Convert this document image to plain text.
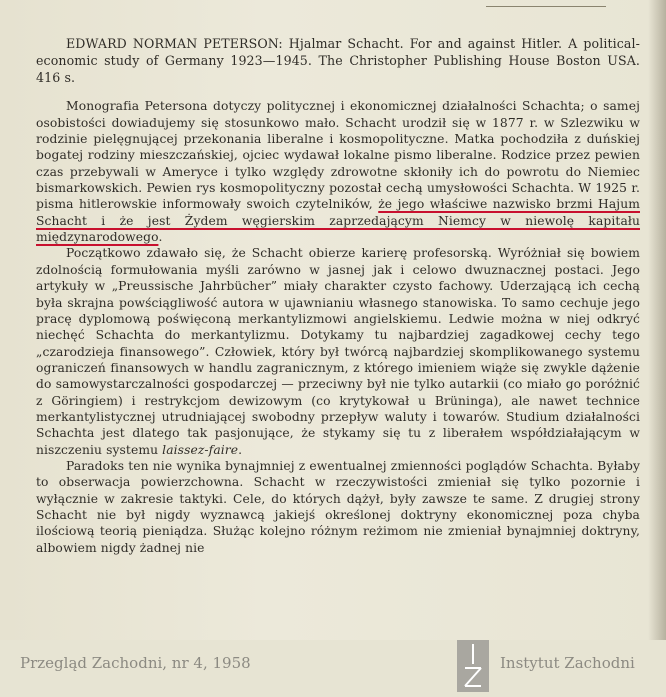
EDWARD NORMAN PETERSON: Hjalmar Schacht. For and against Hitler. A political-economic study of Germany 1923—1945. The Christopher Publishing House Boston USA. 416 s.

Monografia Petersona dotyczy politycznej i ekonomicznej działalności Schachta; o samej osobistości dowiadujemy się stosunkowo mało. Schacht urodził się w 1877 r. w Szlezwiku w rodzinie pielęgnującej przekonania liberalne i kosmopolityczne. Matka pochodziła z duńskiej bogatej rodziny mieszczańskiej, ojciec wydawał lokalne pismo liberalne. Rodzice przez pewien czas przebywali w Ameryce i tylko względy zdrowotne skłoniły ich do powrotu do Niemiec bismarkowskich. Pewien rys kosmopolityczny pozostał cechą umysłowości Schachta. W 1925 r. pisma hitlerowskie informowały swoich czytelników, że jego właściwe nazwisko brzmi Hajum Schacht i że jest Żydem węgierskim zaprzedającym Niemcy w niewolę kapitału międzynarodowego.

Początkowo zdawało się, że Schacht obierze karierę profesorską. Wyróżniał się bowiem zdolnością formułowania myśli zarówno w jasnej jak i celowo dwuznacznej postaci. Jego artykuły w „Preussische Jahrbücher” miały charakter czysto fachowy. Uderzającą ich cechą była skrajna powściągliwość autora w ujawnianiu własnego stanowiska. To samo cechuje jego pracę dyplomową poświęconą merkantylizmowi angielskiemu. Ledwie można w niej odkryć niechęć Schachta do merkantylizmu. Dotykamy tu najbardziej zagadkowej cechy tego „czarodzieja finansowego”. Człowiek, który był twórcą najbardziej skomplikowanego systemu ograniczeń finansowych w handlu zagranicznym, z którego imieniem wiąże się zwykle dążenie do samowystarczalności gospodarczej — przeciwny był nie tylko autarkii (co miało go poróżnić z Göringiem) i restrykcjom dewizowym (co krytykował u Brüninga), ale nawet technice merkantylistycznej utrudniającej swobodny przepływ waluty i towarów. Studium działalności Schachta jest dlatego tak pasjonujące, że stykamy się tu z liberałem współdziałającym w niszczeniu systemu laissez-faire.

Paradoks ten nie wynika bynajmniej z ewentualnej zmienności poglądów Schachta. Byłaby to obserwacja powierzchowna. Schacht w rzeczywistości zmieniał się tylko pozornie i wyłącznie w zakresie taktyki. Cele, do których dążył, były zawsze te same. Z drugiej strony Schacht nie był nigdy wyznawcą jakiejś określonej doktryny ekonomicznej poza chyba ilościową teorią pieniądza. Służąc kolejno różnym reżimom nie zmieniał bynajmniej doktryny, albowiem nigdy żadnej nie

Przegląd Zachodni, nr 4, 1958	Instytut Zachodni
